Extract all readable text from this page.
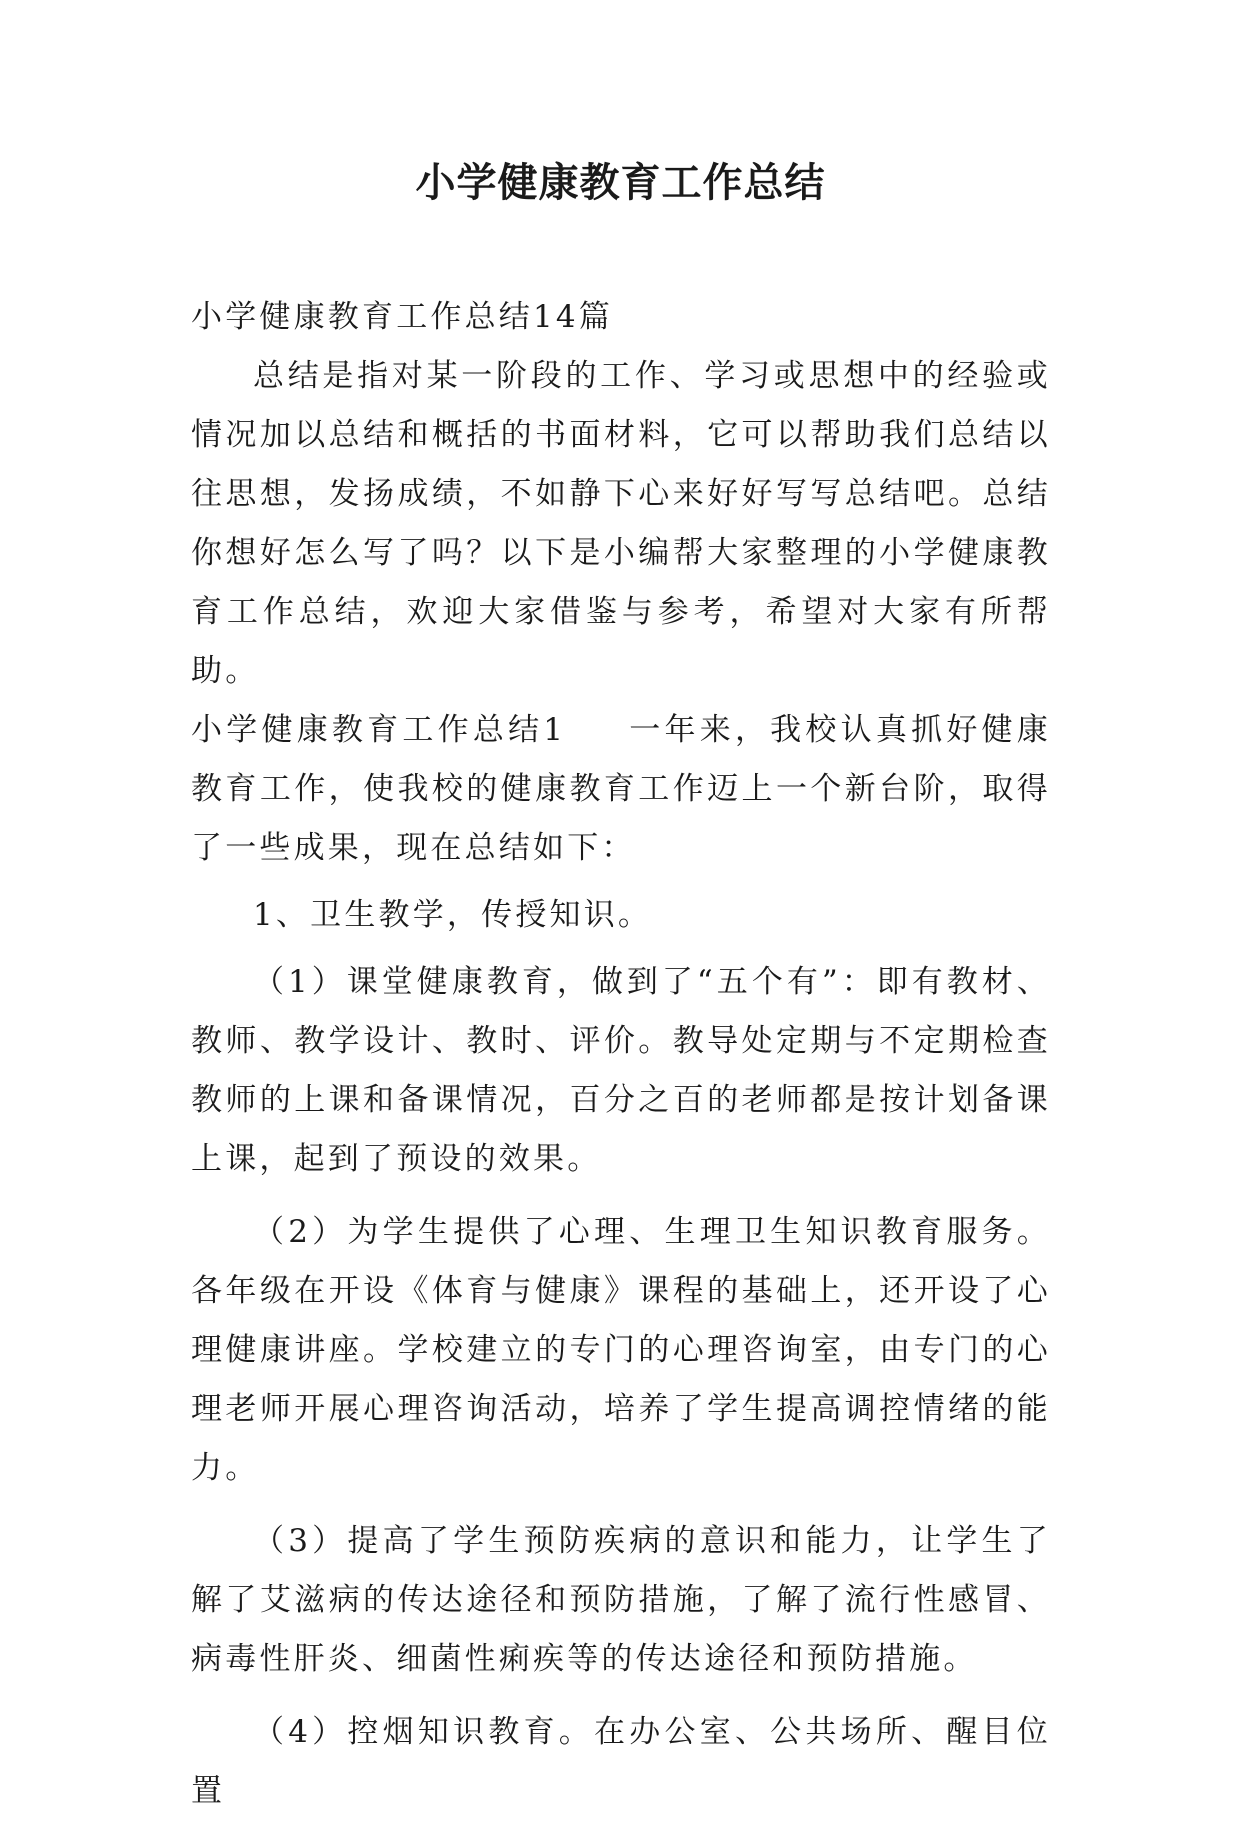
小学健康教育工作总结

小学健康教育工作总结14篇

总结是指对某一阶段的工作、学习或思想中的经验或情况加以总结和概括的书面材料，它可以帮助我们总结以往思想，发扬成绩，不如静下心来好好写写总结吧。总结你想好怎么写了吗？以下是小编帮大家整理的小学健康教育工作总结，欢迎大家借鉴与参考，希望对大家有所帮助。

小学健康教育工作总结1 一年来，我校认真抓好健康教育工作，使我校的健康教育工作迈上一个新台阶，取得了一些成果，现在总结如下：

1、卫生教学，传授知识。

（1）课堂健康教育，做到了“五个有”：即有教材、教师、教学设计、教时、评价。教导处定期与不定期检查教师的上课和备课情况，百分之百的老师都是按计划备课上课，起到了预设的效果。

（2）为学生提供了心理、生理卫生知识教育服务。各年级在开设《体育与健康》课程的基础上，还开设了心理健康讲座。学校建立的专门的心理咨询室，由专门的心理老师开展心理咨询活动，培养了学生提高调控情绪的能力。

（3）提高了学生预防疾病的意识和能力，让学生了解了艾滋病的传达途径和预防措施，了解了流行性感冒、病毒性肝炎、细菌性痢疾等的传达途径和预防措施。

（4）控烟知识教育。在办公室、公共场所、醒目位置
